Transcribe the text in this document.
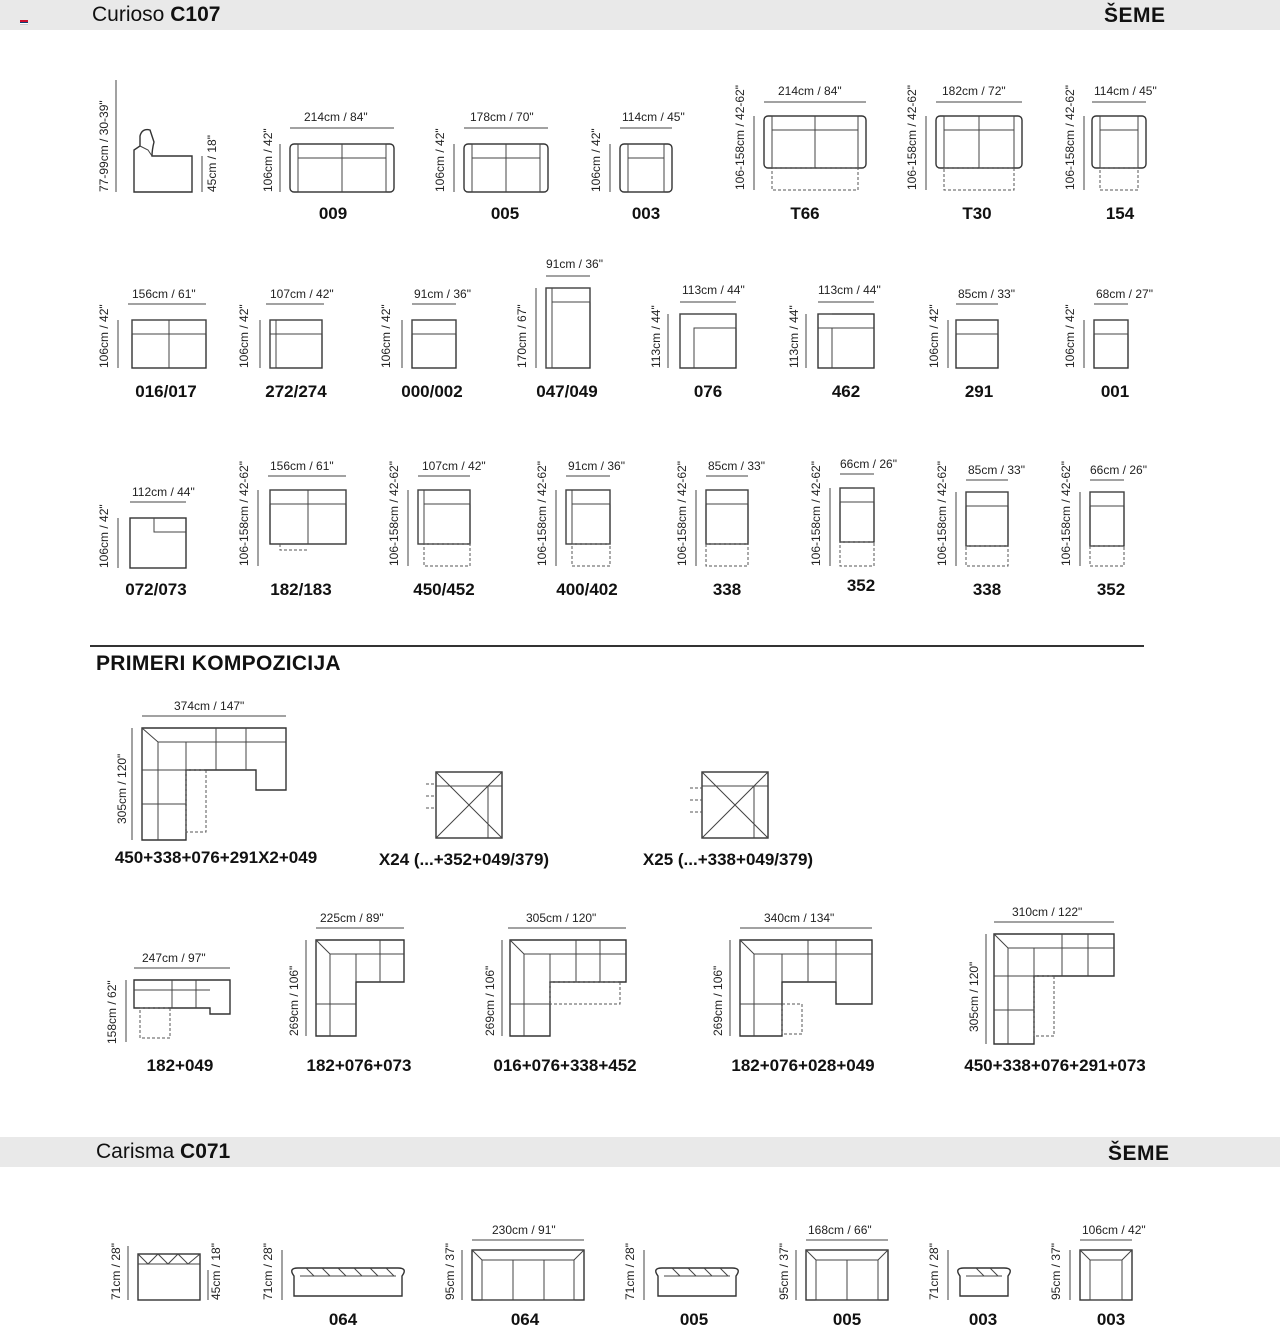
Curioso C107	ŠEME
77-99cm / 30-39"	45cm / 18"
214cm / 84"
106cm / 42"
009
178cm / 70"
106cm / 42"
005
114cm / 45"
106cm / 42"
003
214cm / 84"
106-158cm / 42-62"
T66
182cm / 72"
106-158cm / 42-62"
T30
114cm / 45"
106-158cm / 42-62"
154
156cm / 61"
106cm / 42"
016/017
107cm / 42"
106cm / 42"
272/274
91cm / 36"
106cm / 42"
000/002
91cm / 36"
170cm / 67"
047/049
113cm / 44"
113cm / 44"
076
113cm / 44"
113cm / 44"
462
85cm / 33"
106cm / 42"
291
68cm / 27"
106cm / 42"
001
112cm / 44"
106cm / 42"
072/073
156cm / 61"
106-158cm / 42-62"
182/183
107cm / 42"
106-158cm / 42-62"
450/452
91cm / 36"
106-158cm / 42-62"
400/402
85cm / 33"
106-158cm / 42-62"
338
66cm / 26"
106-158cm / 42-62"
352
85cm / 33"
106-158cm / 42-62"
338
66cm / 26"
106-158cm / 42-62"
352
PRIMERI KOMPOZICIJA
374cm / 147"
305cm / 120"
450+338+076+291X2+049	X24 (...+352+049/379)	X25 (...+338+049/379)
247cm / 97"
158cm / 62"
182+049
225cm / 89"
269cm / 106"
182+076+073
305cm / 120"
269cm / 106"
016+076+338+452
340cm / 134"
269cm / 106"
182+076+028+049
310cm / 122"
305cm / 120"
450+338+076+291+073
Carisma C071	ŠEME
71cm / 28"	45cm / 18"	71cm / 28"
064
230cm / 91"
95cm / 37"
064
71cm / 28"
005
168cm / 66"
95cm / 37"
005
71cm / 28"
003
106cm / 42"
95cm / 37"
003
